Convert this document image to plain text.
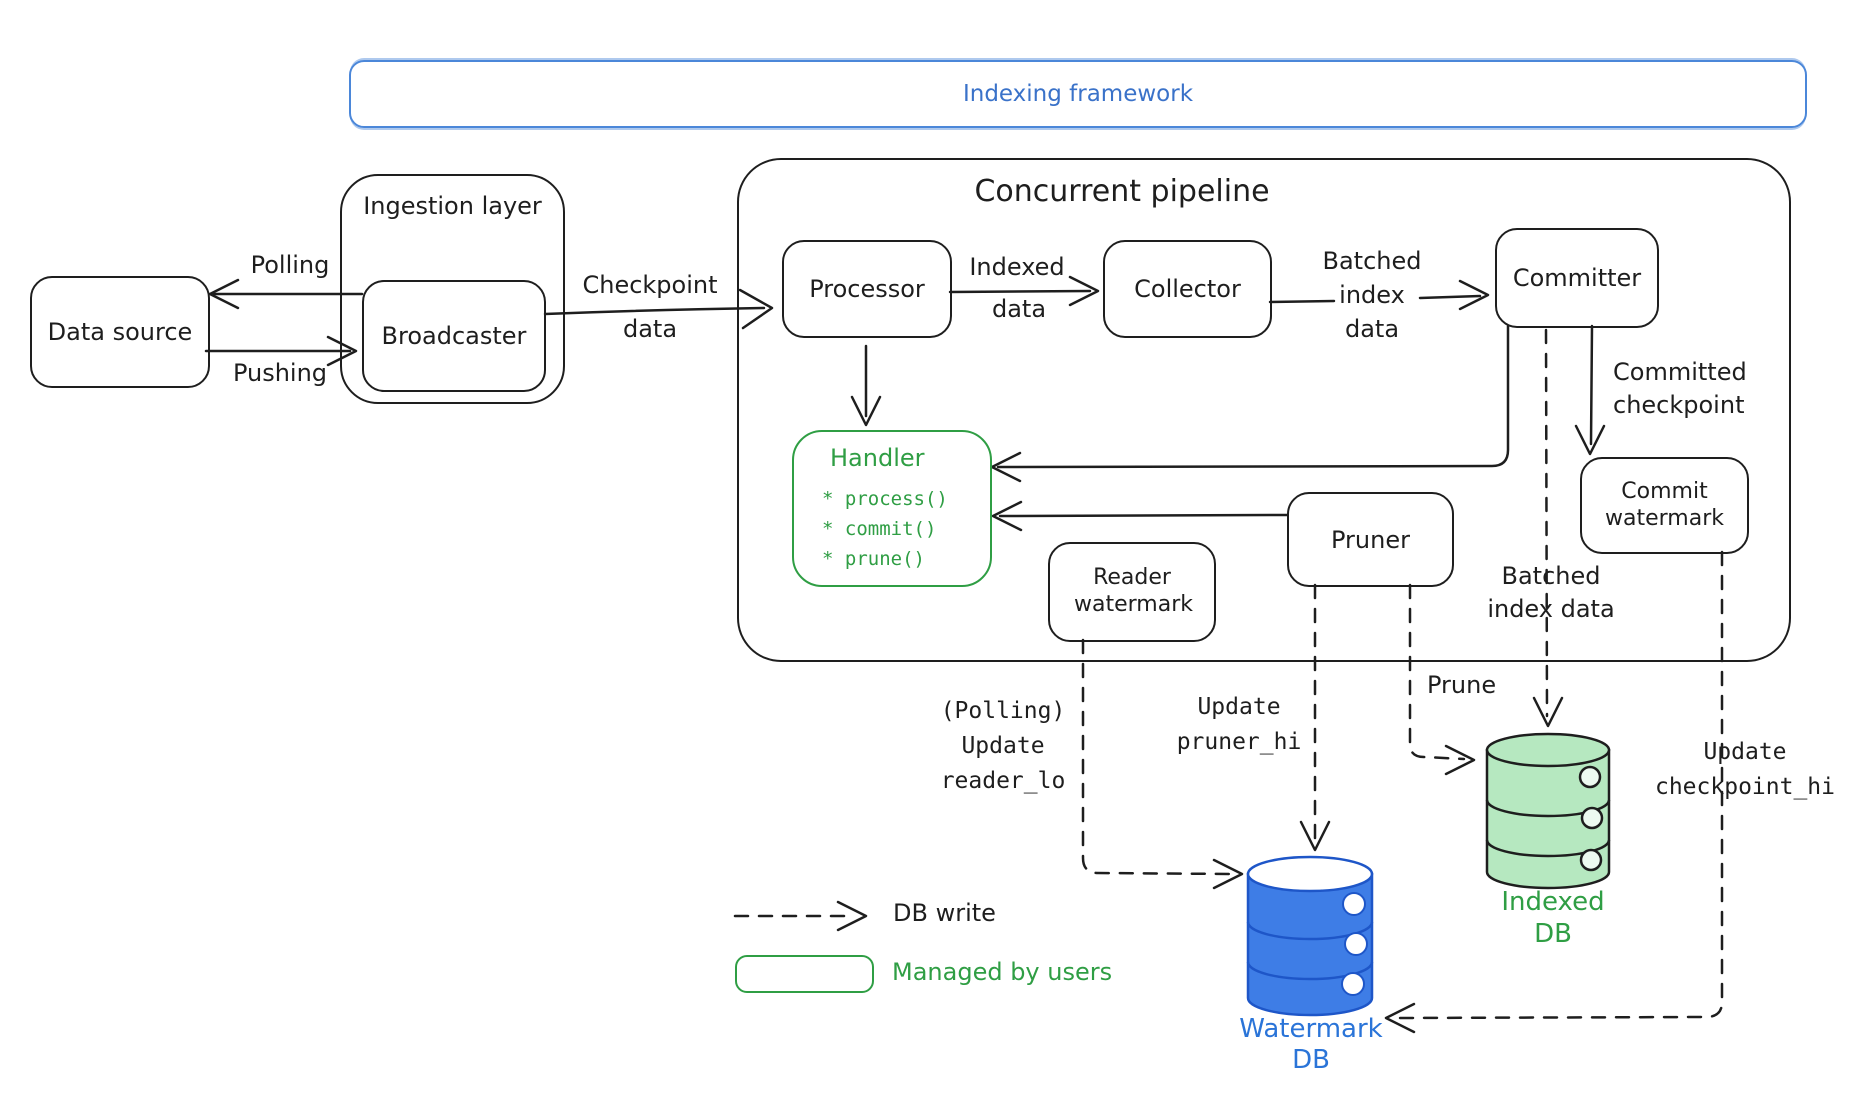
Indexing framework
Ingestion layer
Data source	Broadcaster
Concurrent pipeline
Processor	Collector	Committer
Handler
* process()
* commit()
* prune()
Reader watermark
Pruner
Commit watermark
Polling
Pushing
Checkpoint
data
Indexed
data
Batched
index
data
Committed
checkpoint
Batched
index data
Prune
(Polling)
Update
reader_lo
Update
pruner_hi	Update
checkpoint_hi
Watermark
DB
Indexed
DB
DB write
Managed by users
